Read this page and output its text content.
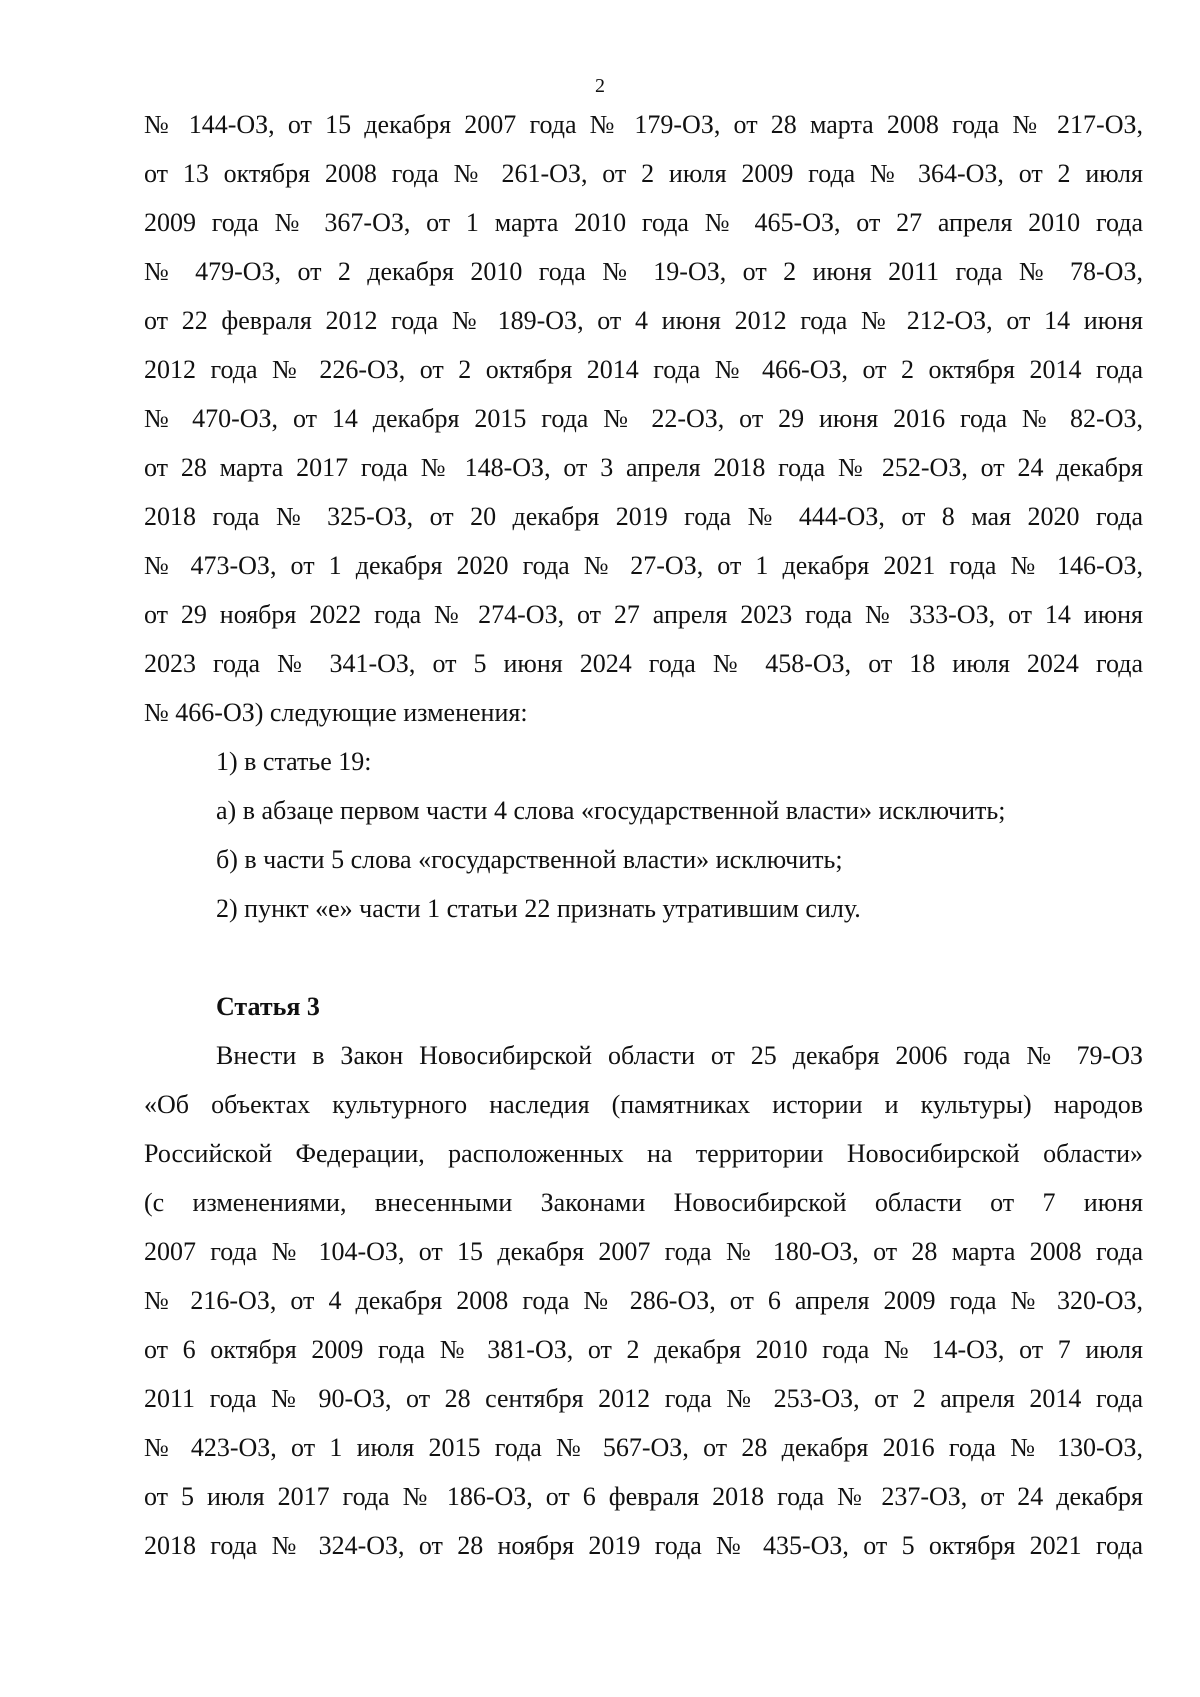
2
№ 144-ОЗ, от 15 декабря 2007 года № 179-ОЗ, от 28 марта 2008 года № 217-ОЗ,
от 13 октября 2008 года № 261-ОЗ, от 2 июля 2009 года № 364-ОЗ, от 2 июля
2009 года № 367-ОЗ, от 1 марта 2010 года № 465-ОЗ, от 27 апреля 2010 года
№ 479-ОЗ, от 2 декабря 2010 года № 19-ОЗ, от 2 июня 2011 года № 78-ОЗ,
от 22 февраля 2012 года № 189-ОЗ, от 4 июня 2012 года № 212-ОЗ, от 14 июня
2012 года № 226-ОЗ, от 2 октября 2014 года № 466-ОЗ, от 2 октября 2014 года
№ 470-ОЗ, от 14 декабря 2015 года № 22-ОЗ, от 29 июня 2016 года № 82-ОЗ,
от 28 марта 2017 года № 148-ОЗ, от 3 апреля 2018 года № 252-ОЗ, от 24 декабря
2018 года № 325-ОЗ, от 20 декабря 2019 года № 444-ОЗ, от 8 мая 2020 года
№ 473-ОЗ, от 1 декабря 2020 года № 27-ОЗ, от 1 декабря 2021 года № 146-ОЗ,
от 29 ноября 2022 года № 274-ОЗ, от 27 апреля 2023 года № 333-ОЗ, от 14 июня
2023 года № 341-ОЗ, от 5 июня 2024 года № 458-ОЗ, от 18 июля 2024 года
№ 466-ОЗ) следующие изменения:
1) в статье 19:
а) в абзаце первом части 4 слова «государственной власти» исключить;
б) в части 5 слова «государственной власти» исключить;
2) пункт «е» части 1 статьи 22 признать утратившим силу.
Статья 3
Внести в Закон Новосибирской области от 25 декабря 2006 года № 79-ОЗ
«Об объектах культурного наследия (памятниках истории и культуры) народов
Российской Федерации, расположенных на территории Новосибирской области»
(с изменениями, внесенными Законами Новосибирской области от 7 июня
2007 года № 104-ОЗ, от 15 декабря 2007 года № 180-ОЗ, от 28 марта 2008 года
№ 216-ОЗ, от 4 декабря 2008 года № 286-ОЗ, от 6 апреля 2009 года № 320-ОЗ,
от 6 октября 2009 года № 381-ОЗ, от 2 декабря 2010 года № 14-ОЗ, от 7 июля
2011 года № 90-ОЗ, от 28 сентября 2012 года № 253-ОЗ, от 2 апреля 2014 года
№ 423-ОЗ, от 1 июля 2015 года № 567-ОЗ, от 28 декабря 2016 года № 130-ОЗ,
от 5 июля 2017 года № 186-ОЗ, от 6 февраля 2018 года № 237-ОЗ, от 24 декабря
2018 года № 324-ОЗ, от 28 ноября 2019 года № 435-ОЗ, от 5 октября 2021 года
